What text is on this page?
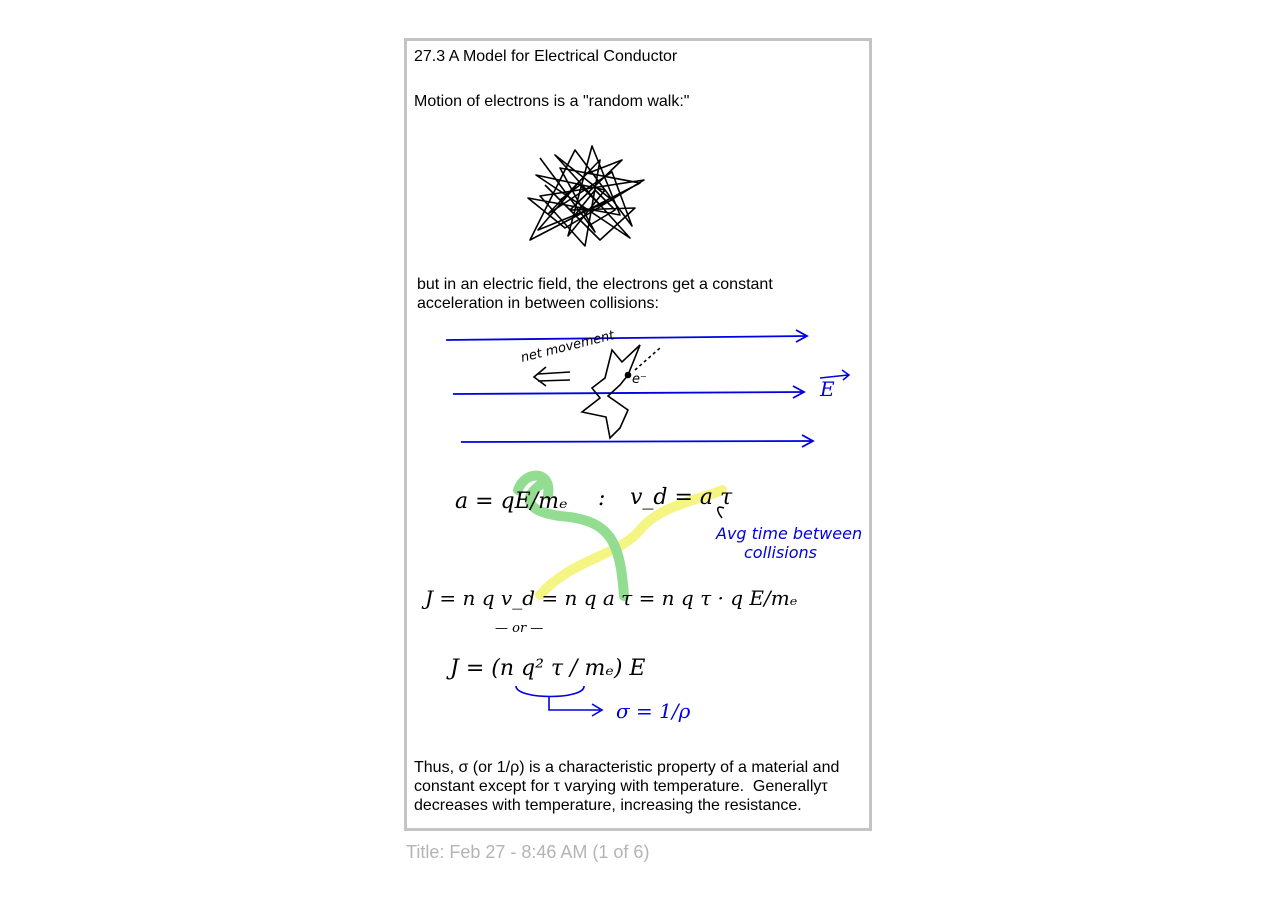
27.3 A Model for Electrical Conductor
Motion of electrons is a "random walk:"
but in an electric field, the electrons get a constant
acceleration in between collisions:
Thus, σ (or 1/ρ) is a characteristic property of a material and
constant except for τ varying with temperature.  Generallyτ
decreases with temperature, increasing the resistance.
E
e⁻
net movement
a = qE/mₑ : v_d = a τ
J = n q v_d = n q a τ = n q τ · q E/mₑ
— or —
J = (n q² τ / mₑ) E
Avg time between
collisions
σ = 1/ρ
Title: Feb 27 - 8:46 AM (1 of 6)
